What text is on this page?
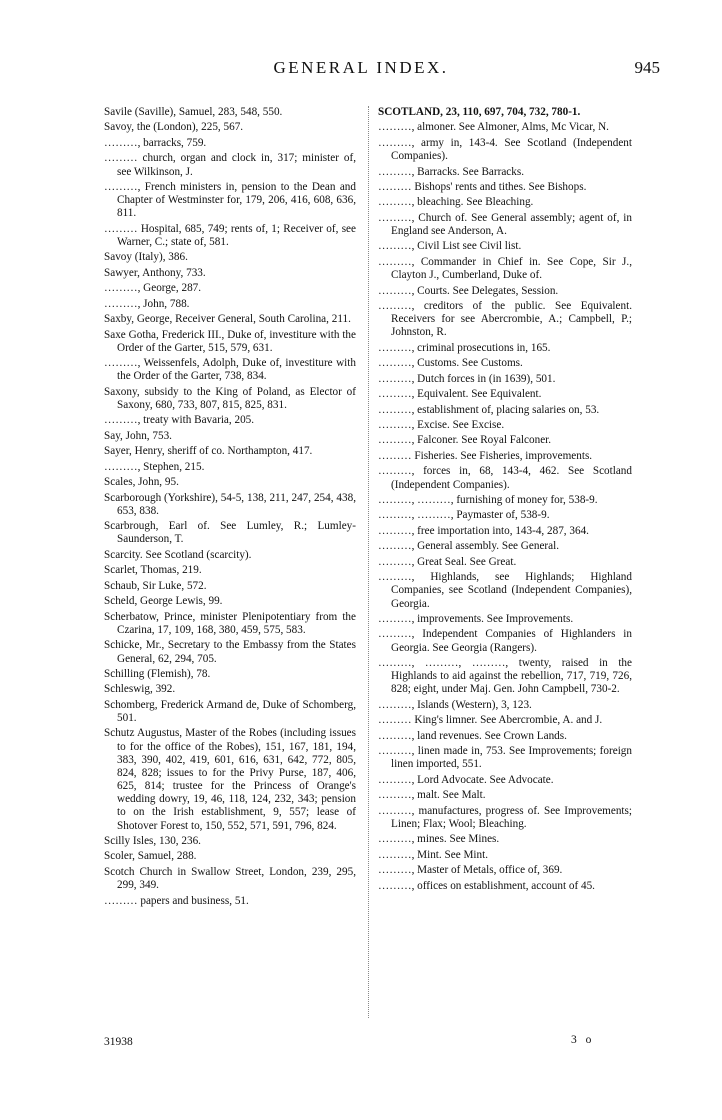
GENERAL INDEX.	945
Savile (Saville), Samuel, 283, 548, 550.
Savoy, the (London), 225, 567.
………, barracks, 759.
……… church, organ and clock in, 317; minister of, see Wilkinson, J.
………, French ministers in, pension to the Dean and Chapter of Westminster for, 179, 206, 416, 608, 636, 811.
……… Hospital, 685, 749; rents of, 1; Receiver of, see Warner, C.; state of, 581.
Savoy (Italy), 386.
Sawyer, Anthony, 733.
………, George, 287.
………, John, 788.
Saxby, George, Receiver General, South Carolina, 211.
Saxe Gotha, Frederick III., Duke of, investiture with the Order of the Garter, 515, 579, 631.
………, Weissenfels, Adolph, Duke of, investiture with the Order of the Garter, 738, 834.
Saxony, subsidy to the King of Poland, as Elector of Saxony, 680, 733, 807, 815, 825, 831.
………, treaty with Bavaria, 205.
Say, John, 753.
Sayer, Henry, sheriff of co. Northampton, 417.
………, Stephen, 215.
Scales, John, 95.
Scarborough (Yorkshire), 54-5, 138, 211, 247, 254, 438, 653, 838.
Scarbrough, Earl of. See Lumley, R.; Lumley-Saunderson, T.
Scarcity. See Scotland (scarcity).
Scarlet, Thomas, 219.
Schaub, Sir Luke, 572.
Scheld, George Lewis, 99.
Scherbatow, Prince, minister Plenipotentiary from the Czarina, 17, 109, 168, 380, 459, 575, 583.
Schicke, Mr., Secretary to the Embassy from the States General, 62, 294, 705.
Schilling (Flemish), 78.
Schleswig, 392.
Schomberg, Frederick Armand de, Duke of Schomberg, 501.
Schutz Augustus, Master of the Robes (including issues to for the office of the Robes), 151, 167, 181, 194, 383, 390, 402, 419, 601, 616, 631, 642, 772, 805, 824, 828; issues to for the Privy Purse, 187, 406, 625, 814; trustee for the Princess of Orange's wedding dowry, 19, 46, 118, 124, 232, 343; pension to on the Irish establishment, 9, 557; lease of Shotover Forest to, 150, 552, 571, 591, 796, 824.
Scilly Isles, 130, 236.
Scoler, Samuel, 288.
Scotch Church in Swallow Street, London, 239, 295, 299, 349.
……… papers and business, 51.
SCOTLAND, 23, 110, 697, 704, 732, 780-1.
………, almoner. See Almoner, Alms, Mc Vicar, N.
………, army in, 143-4. See Scotland (Independent Companies).
………, Barracks. See Barracks.
……… Bishops' rents and tithes. See Bishops.
………, bleaching. See Bleaching.
………, Church of. See General assembly; agent of, in England see Anderson, A.
………, Civil List see Civil list.
………, Commander in Chief in. See Cope, Sir J., Clayton J., Cumberland, Duke of.
………, Courts. See Delegates, Session.
………, creditors of the public. See Equivalent. Receivers for see Abercrombie, A.; Campbell, P.; Johnston, R.
………, criminal prosecutions in, 165.
………, Customs. See Customs.
………, Dutch forces in (in 1639), 501.
………, Equivalent. See Equivalent.
………, establishment of, placing salaries on, 53.
………, Excise. See Excise.
………, Falconer. See Royal Falconer.
……… Fisheries. See Fisheries, improvements.
………, forces in, 68, 143-4, 462. See Scotland (Independent Companies).
………, ………, furnishing of money for, 538-9.
………, ………, Paymaster of, 538-9.
………, free importation into, 143-4, 287, 364.
………, General assembly. See General.
………, Great Seal. See Great.
………, Highlands, see Highlands; Highland Companies, see Scotland (Independent Companies), Georgia.
………, improvements. See Improvements.
………, Independent Companies of Highlanders in Georgia. See Georgia (Rangers).
………, ………, ………, twenty, raised in the Highlands to aid against the rebellion, 717, 719, 726, 828; eight, under Maj. Gen. John Campbell, 730-2.
………, Islands (Western), 3, 123.
……… King's limner. See Abercrombie, A. and J.
………, land revenues. See Crown Lands.
………, linen made in, 753. See Improvements; foreign linen imported, 551.
………, Lord Advocate. See Advocate.
………, malt. See Malt.
………, manufactures, progress of. See Improvements; Linen; Flax; Wool; Bleaching.
………, mines. See Mines.
………, Mint. See Mint.
………, Master of Metals, office of, 369.
………, offices on establishment, account of 45.
31938	3 o
